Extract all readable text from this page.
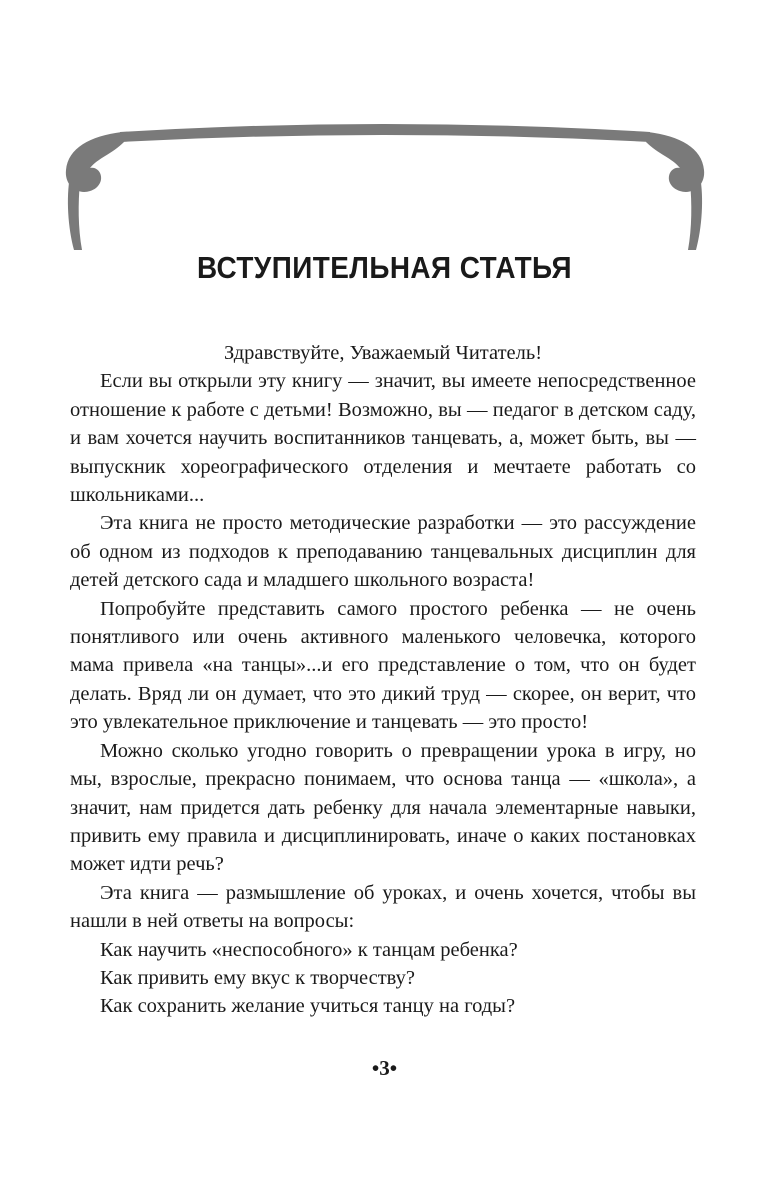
ВСТУПИТЕЛЬНАЯ СТАТЬЯ

Здравствуйте, Уважаемый Читатель!

Если вы открыли эту книгу — значит, вы имеете непосредственное отношение к работе с детьми! Возможно, вы — педагог в детском саду, и вам хочется научить воспитанников танцевать, а, может быть, вы — выпускник хореографического отделения и мечтаете работать со школьниками...

Эта книга не просто методические разработки — это рассуждение об одном из подходов к преподаванию танцевальных дисциплин для детей детского сада и младшего школьного возраста!

Попробуйте представить самого простого ребенка — не очень понятливого или очень активного маленького человечка, которого мама привела «на танцы»...и его представление о том, что он будет делать. Вряд ли он думает, что это дикий труд — скорее, он верит, что это увлекательное приключение и танцевать — это просто!

Можно сколько угодно говорить о превращении урока в игру, но мы, взрослые, прекрасно понимаем, что основа танца — «школа», а значит, нам придется дать ребенку для начала элементарные навыки, привить ему правила и дисциплинировать, иначе о каких постановках может идти речь?

Эта книга — размышление об уроках, и очень хочется, чтобы вы нашли в ней ответы на вопросы:

Как научить «неспособного» к танцам ребенка?

Как привить ему вкус к творчеству?

Как сохранить желание учиться танцу на годы?

•3•
